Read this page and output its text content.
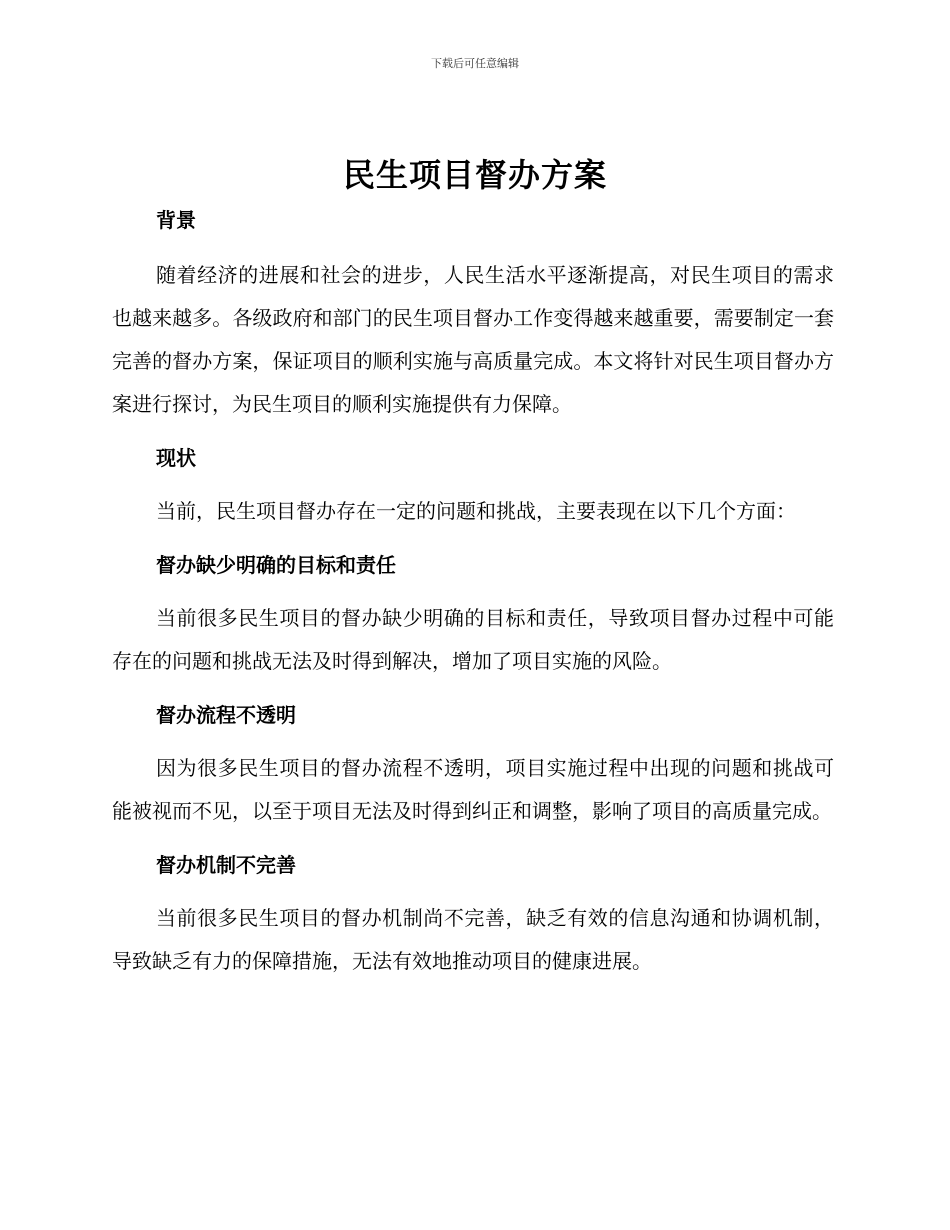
下载后可任意编辑
民生项目督办方案
背景

随着经济的进展和社会的进步，人民生活水平逐渐提高，对民生项目的需求也越来越多。各级政府和部门的民生项目督办工作变得越来越重要，需要制定一套完善的督办方案，保证项目的顺利实施与高质量完成。本文将针对民生项目督办方案进行探讨，为民生项目的顺利实施提供有力保障。

现状

当前，民生项目督办存在一定的问题和挑战，主要表现在以下几个方面：

督办缺少明确的目标和责任

当前很多民生项目的督办缺少明确的目标和责任，导致项目督办过程中可能存在的问题和挑战无法及时得到解决，增加了项目实施的风险。

督办流程不透明

因为很多民生项目的督办流程不透明，项目实施过程中出现的问题和挑战可能被视而不见，以至于项目无法及时得到纠正和调整，影响了项目的高质量完成。

督办机制不完善

当前很多民生项目的督办机制尚不完善，缺乏有效的信息沟通和协调机制，导致缺乏有力的保障措施，无法有效地推动项目的健康进展。
